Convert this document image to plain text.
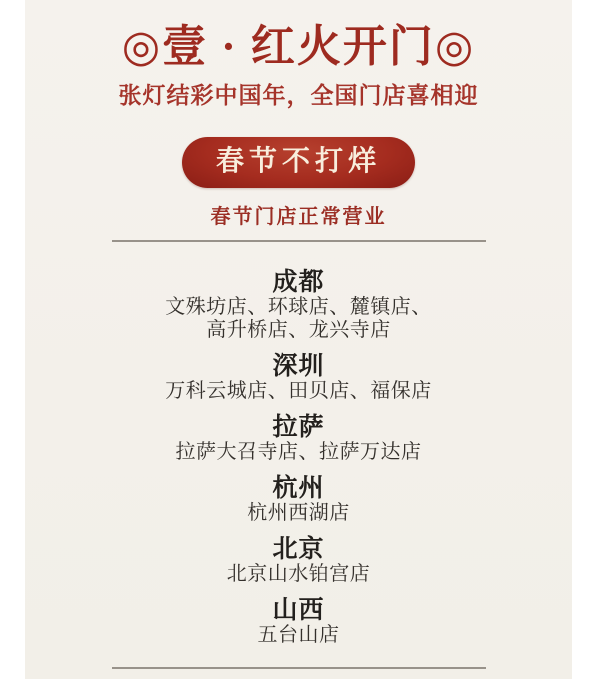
◎壹 · 红火开门◎

张灯结彩中国年，全国门店喜相迎

春节不打烊
春节门店正常营业
成都

文殊坊店、环球店、麓镇店、

高升桥店、龙兴寺店

深圳

万科云城店、田贝店、福保店

拉萨

拉萨大召寺店、拉萨万达店

杭州

杭州西湖店

北京

北京山水铂宫店

山西

五台山店
